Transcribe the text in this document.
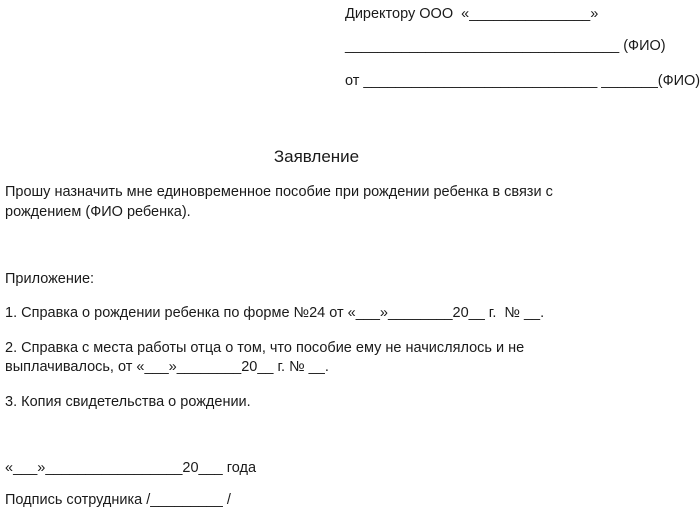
Директору ООО  «_______________»
__________________________________ (ФИО)
от _____________________________ _______(ФИО)
Заявление
Прошу назначить мне единовременное пособие при рождении ребенка в связи с
рождением (ФИО ребенка).
Приложение:
1. Справка о рождении ребенка по форме №24 от «___»________20__ г.  № __.
2. Справка с места работы отца о том, что пособие ему не начислялось и не
выплачивалось, от «___»________20__ г. № __.
3. Копия свидетельства о рождении.
«___»_________________20___ года
Подпись сотрудника /_________ /
